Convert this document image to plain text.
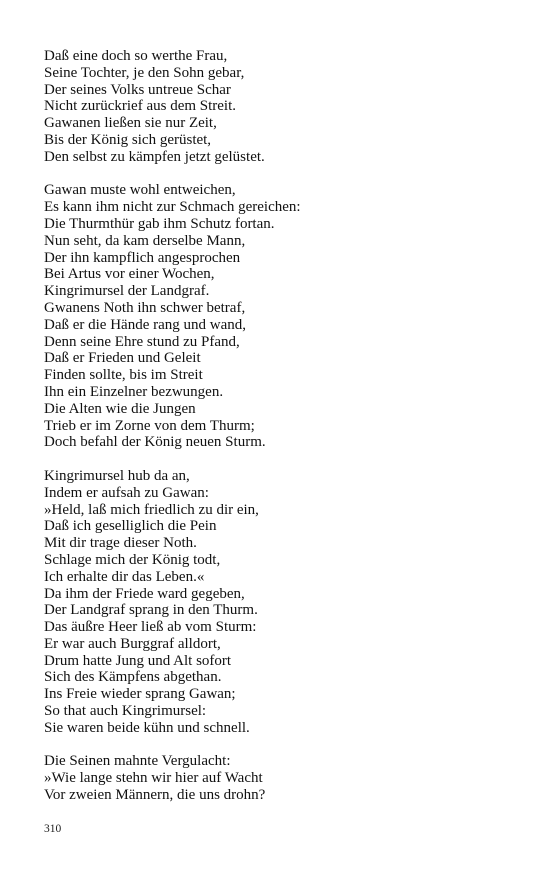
Daß eine doch so werthe Frau,
Seine Tochter, je den Sohn gebar,
Der seines Volks untreue Schar
Nicht zurückrief aus dem Streit.
Gawanen ließen sie nur Zeit,
Bis der König sich gerüstet,
Den selbst zu kämpfen jetzt gelüstet.
Gawan muste wohl entweichen,
Es kann ihm nicht zur Schmach gereichen:
Die Thurmthür gab ihm Schutz fortan.
Nun seht, da kam derselbe Mann,
Der ihn kampflich angesprochen
Bei Artus vor einer Wochen,
Kingrimursel der Landgraf.
Gwanens Noth ihn schwer betraf,
Daß er die Hände rang und wand,
Denn seine Ehre stund zu Pfand,
Daß er Frieden und Geleit
Finden sollte, bis im Streit
Ihn ein Einzelner bezwungen.
Die Alten wie die Jungen
Trieb er im Zorne von dem Thurm;
Doch befahl der König neuen Sturm.
Kingrimursel hub da an,
Indem er aufsah zu Gawan:
»Held, laß mich friedlich zu dir ein,
Daß ich geselliglich die Pein
Mit dir trage dieser Noth.
Schlage mich der König todt,
Ich erhalte dir das Leben.«
Da ihm der Friede ward gegeben,
Der Landgraf sprang in den Thurm.
Das äußre Heer ließ ab vom Sturm:
Er war auch Burggraf alldort,
Drum hatte Jung und Alt sofort
Sich des Kämpfens abgethan.
Ins Freie wieder sprang Gawan;
So that auch Kingrimursel:
Sie waren beide kühn und schnell.
Die Seinen mahnte Vergulacht:
»Wie lange stehn wir hier auf Wacht
Vor zweien Männern, die uns drohn?
310
